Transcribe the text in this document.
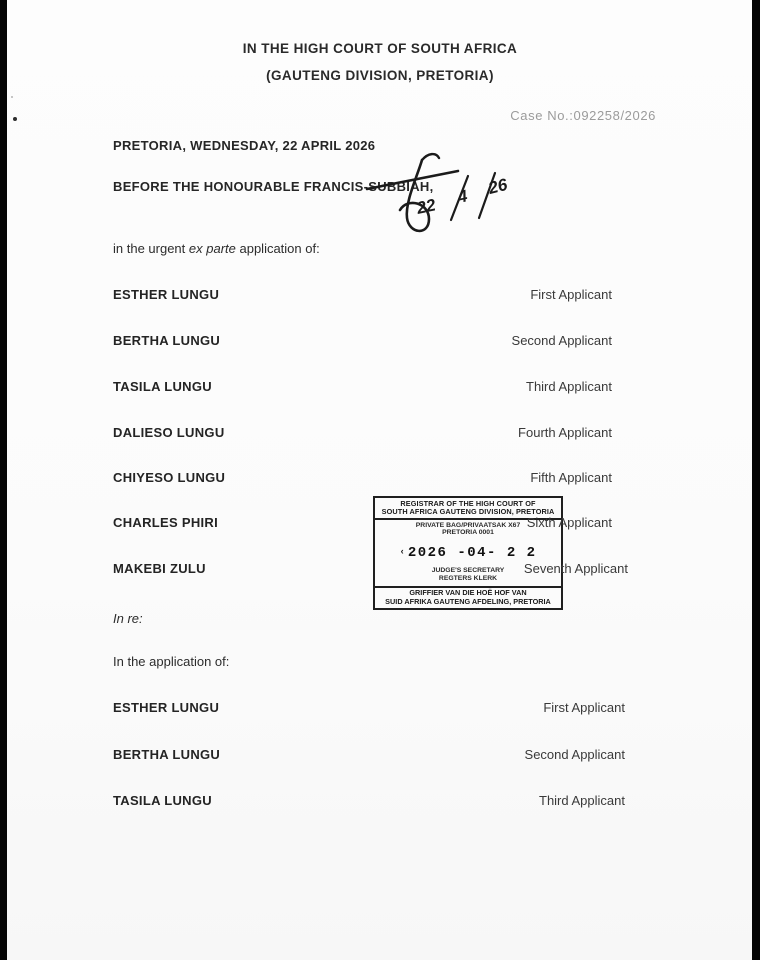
IN THE HIGH COURT OF SOUTH AFRICA
(GAUTENG DIVISION, PRETORIA)
Case No.:092258/2026
PRETORIA, WEDNESDAY, 22 APRIL 2026
BEFORE THE HONOURABLE FRANCIS-SUBBIAH,
22 4 26
in the urgent ex parte application of:
ESTHER LUNGU	First Applicant
BERTHA LUNGU	Second Applicant
TASILA LUNGU	Third Applicant
DALIESO LUNGU	Fourth Applicant
CHIYESO LUNGU	Fifth Applicant
CHARLES PHIRI	Sixth Applicant
MAKEBI ZULU	Seventh Applicant
REGISTRAR OF THE HIGH COURT OF
SOUTH AFRICA GAUTENG DIVISION, PRETORIA
PRIVATE BAG/PRIVAATSAK X67
PRETORIA 0001
‹ 2026 -04- 2 2
JUDGE'S SECRETARY
REGTERS KLERK
GRIFFIER VAN DIE HOË HOF VAN
SUID AFRIKA GAUTENG AFDELING, PRETORIA
In re:
In the application of:
ESTHER LUNGU	First Applicant
BERTHA LUNGU	Second Applicant
TASILA LUNGU	Third Applicant
